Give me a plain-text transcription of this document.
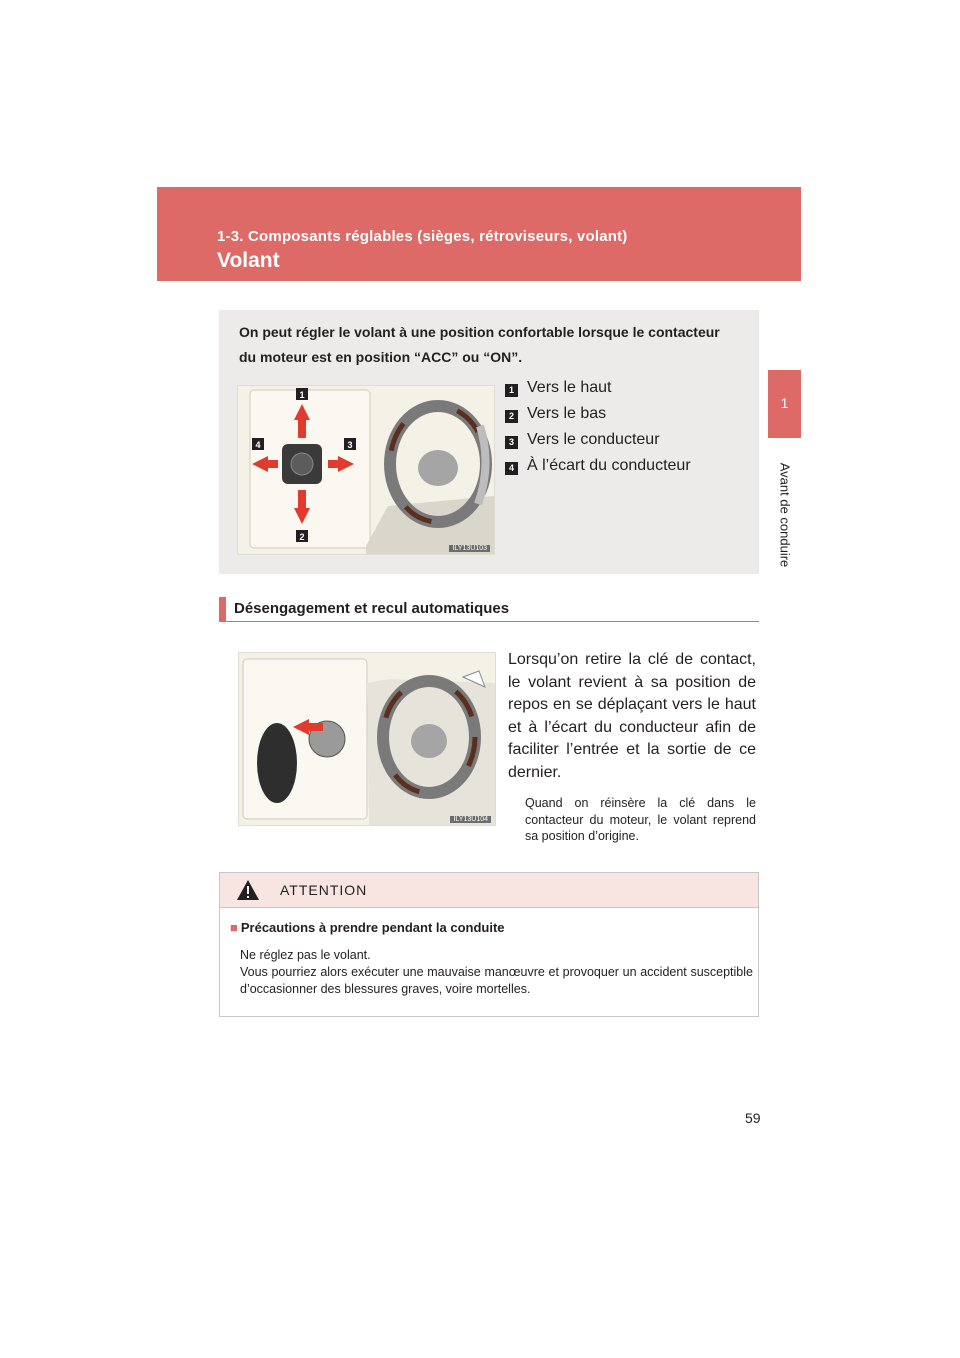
1-3. Composants réglables (sièges, rétroviseurs, volant)
Volant
1
Avant de conduire
On peut régler le volant à une position confortable lorsque le contacteur du moteur est en position “ACC” ou “ON”.
1
2
3
4
ILY13U103
1 Vers le haut
2 Vers le bas
3 Vers le conducteur
4 À l’écart du conducteur
Désengagement et recul automatiques
ILY13U104
Lorsqu’on retire la clé de contact, le volant revient à sa position de repos en se déplaçant vers le haut et à l’écart du conducteur afin de faciliter l’entrée et la sortie de ce dernier.
Quand on réinsère la clé dans le contacteur du moteur, le volant reprend sa position d’origine.
ATTENTION
■ Précautions à prendre pendant la conduite
Ne réglez pas le volant.
Vous pourriez alors exécuter une mauvaise manœuvre et provoquer un accident susceptible d’occasionner des blessures graves, voire mortelles.
59
